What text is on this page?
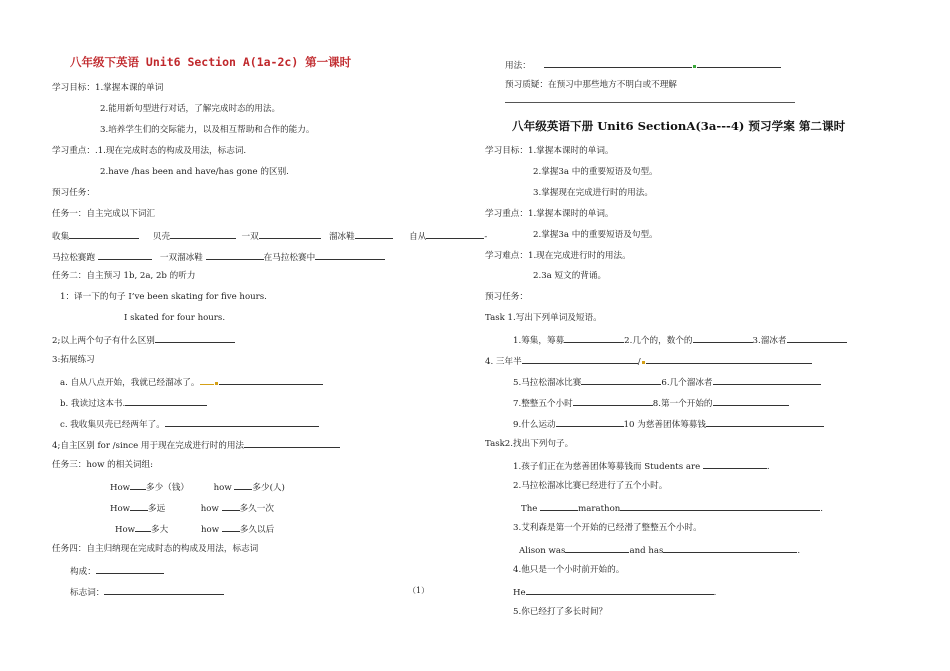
八年级下英语 Unit6 Section A(1a-2c) 第一课时
学习目标：1.掌握本课的单词
2.能用新句型进行对话，了解完成时态的用法。
3.培养学生们的交际能力，以及相互帮助和合作的能力。
学习重点：.1.现在完成时态的构成及用法，标志词.
2.have /has been and have/has gone 的区别.
预习任务：
任务一：自主完成以下词汇
收集	贝壳	一双	溜冰鞋	自从	-
马拉松赛跑	一双溜冰鞋	在马拉松赛中
任务二：自主预习 1b, 2a, 2b 的听力
1：译一下的句子 I’ve been skating for five hours.
I skated for four hours.
2;以上两个句子有什么区别
3:拓展练习
a. 自从八点开始，我就已经溜冰了。
b. 我读过这本书.
c. 我收集贝壳已经两年了。
4;自主区别 for /since 用于现在完成进行时的用法
任务三：how 的相关词组:
How 多少（钱）	how 多少(人)
How 多远	how 多久一次
How 多大	how 多久以后
任务四：自主归纳现在完成时态的构成及用法，标志词
构成：
标志词：	（1）
用法：
预习质疑：在预习中那些地方不明白或不理解
八年级英语下册 Unit6 SectionA(3a---4) 预习学案 第二课时
学习目标：1.掌握本课时的单词。
2.掌握3a 中的重要短语及句型。
3.掌握现在完成进行时的用法。
学习重点：1.掌握本课时的单词。
2.掌握3a 中的重要短语及句型。
学习难点：1.现在完成进行时的用法。
2.3a 短文的背诵。
预习任务：
Task 1.写出下列单词及短语。
1.筹集，筹募	2.几个的，数个的	3.溜冰者
4. 三年半	/
5.马拉松溜冰比赛	6.几个溜冰者
7.整整五个小时	8.第一个开始的
9.什么运动	10 为慈善团体筹募钱
Task2.找出下列句子。
1.孩子们正在为慈善团体筹募钱而 Students are	.
2.马拉松溜冰比赛已经进行了五个小时。
The	marathon	.
3.艾利森是第一个开始的已经滑了整整五个小时。
Alison was	and has	.
4.他只是一个小时前开始的。
He	.
5.你已经打了多长时间？
